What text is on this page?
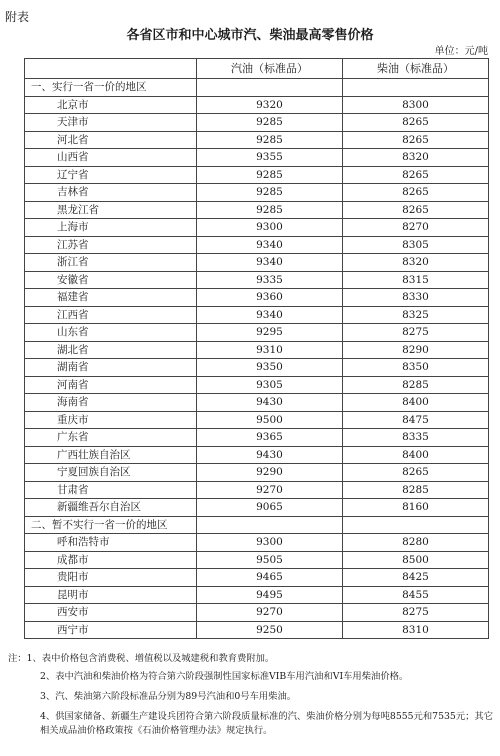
附表
各省区市和中心城市汽、柴油最高零售价格
单位：元/吨
	汽油（标准品）	柴油（标准品）
一、实行一省一价的地区		
北京市	9320	8300
天津市	9285	8265
河北省	9285	8265
山西省	9355	8320
辽宁省	9285	8265
吉林省	9285	8265
黑龙江省	9285	8265
上海市	9300	8270
江苏省	9340	8305
浙江省	9340	8320
安徽省	9335	8315
福建省	9360	8330
江西省	9340	8325
山东省	9295	8275
湖北省	9310	8290
湖南省	9350	8350
河南省	9305	8285
海南省	9430	8400
重庆市	9500	8475
广东省	9365	8335
广西壮族自治区	9430	8400
宁夏回族自治区	9290	8265
甘肃省	9270	8285
新疆维吾尔自治区	9065	8160
二、暂不实行一省一价的地区		
呼和浩特市	9300	8280
成都市	9505	8500
贵阳市	9465	8425
昆明市	9495	8455
西安市	9270	8275
西宁市	9250	8310

注：1、表中价格包含消费税、增值税以及城建税和教育费附加。

2、表中汽油和柴油价格为符合第六阶段强制性国家标准VIB车用汽油和VI车用柴油价格。

3、汽、柴油第六阶段标准品分别为89号汽油和0号车用柴油。

4、供国家储备、新疆生产建设兵团符合第六阶段质量标准的汽、柴油价格分别为每吨8555元和7535元；其它相关成品油价格政策按《石油价格管理办法》规定执行。
